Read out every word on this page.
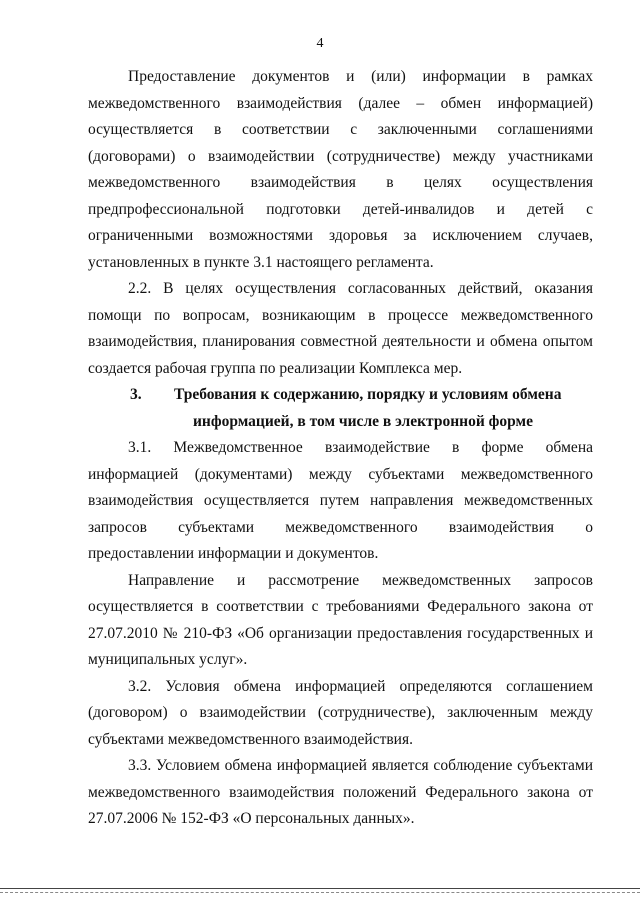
4

Предоставление документов и (или) информации в рамках межведомственного взаимодействия (далее – обмен информацией) осуществляется в соответствии с заключенными соглашениями (договорами) о взаимодействии (сотрудничестве) между участниками межведомственного взаимодействия в целях осуществления предпрофессиональной подготовки детей-инвалидов и детей с ограниченными возможностями здоровья за исключением случаев, установленных в пункте 3.1 настоящего регламента.

2.2. В целях осуществления согласованных действий, оказания помощи по вопросам, возникающим в процессе межведомственного взаимодействия, планирования совместной деятельности и обмена опытом создается рабочая группа по реализации Комплекса мер.

3. Требования к содержанию, порядку и условиям обмена
информацией, в том числе в электронной форме

3.1. Межведомственное взаимодействие в форме обмена информацией (документами) между субъектами межведомственного взаимодействия осуществляется путем направления межведомственных запросов субъектами межведомственного взаимодействия о предоставлении информации и документов.

Направление и рассмотрение межведомственных запросов осуществляется в соответствии с требованиями Федерального закона от 27.07.2010 № 210-ФЗ «Об организации предоставления государственных и муниципальных услуг».

3.2. Условия обмена информацией определяются соглашением (договором) о взаимодействии (сотрудничестве), заключенным между субъектами межведомственного взаимодействия.

3.3. Условием обмена информацией является соблюдение субъектами межведомственного взаимодействия положений Федерального закона от 27.07.2006 № 152-ФЗ «О персональных данных».
